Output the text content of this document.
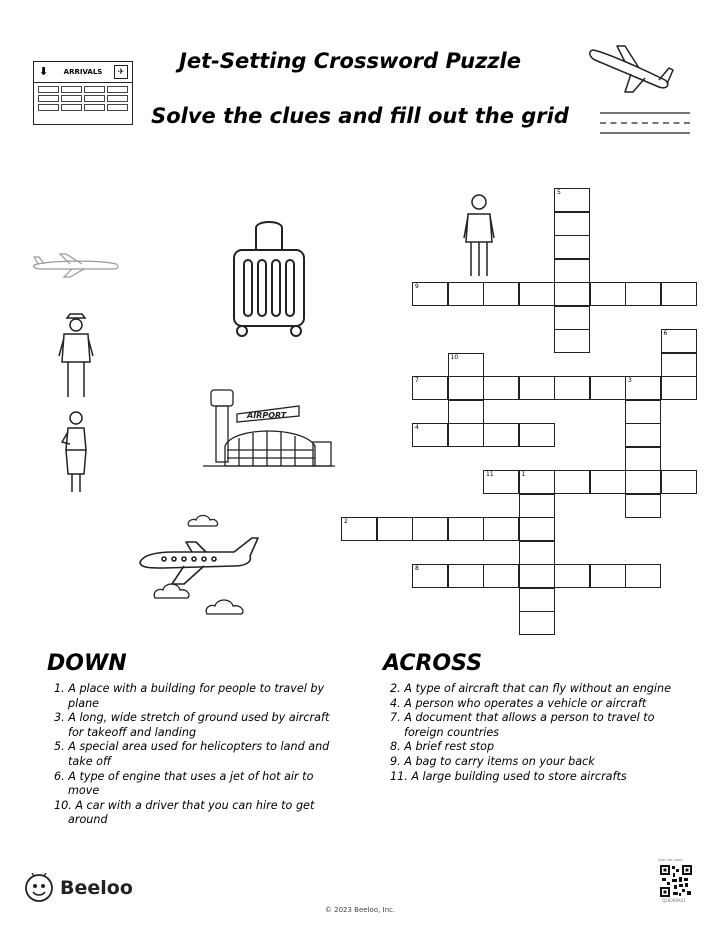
Jet-Setting Crossword Puzzle
Solve the clues and fill out the grid
⬇ ARRIVALS	✈
AIRPORT
1
2
3
4
5
6
7
8
9
10
11
DOWN
1. A place with a building for people to travel by plane
3. A long, wide stretch of ground used by aircraft for takeoff and landing
5. A special area used for helicopters to land and take off
6. A type of engine that uses a jet of hot air to move
10. A car with a driver that you can hire to get around
ACROSS
2. A type of aircraft that can fly without an engine
4. A person who operates a vehicle or aircraft
7. A document that allows a person to travel to foreign countries
8. A brief rest stop
9. A bag to carry items on your back
11. A large building used to store aircrafts
Beeloo
© 2023 Beeloo, Inc.
Scan for more
Q26068A01
